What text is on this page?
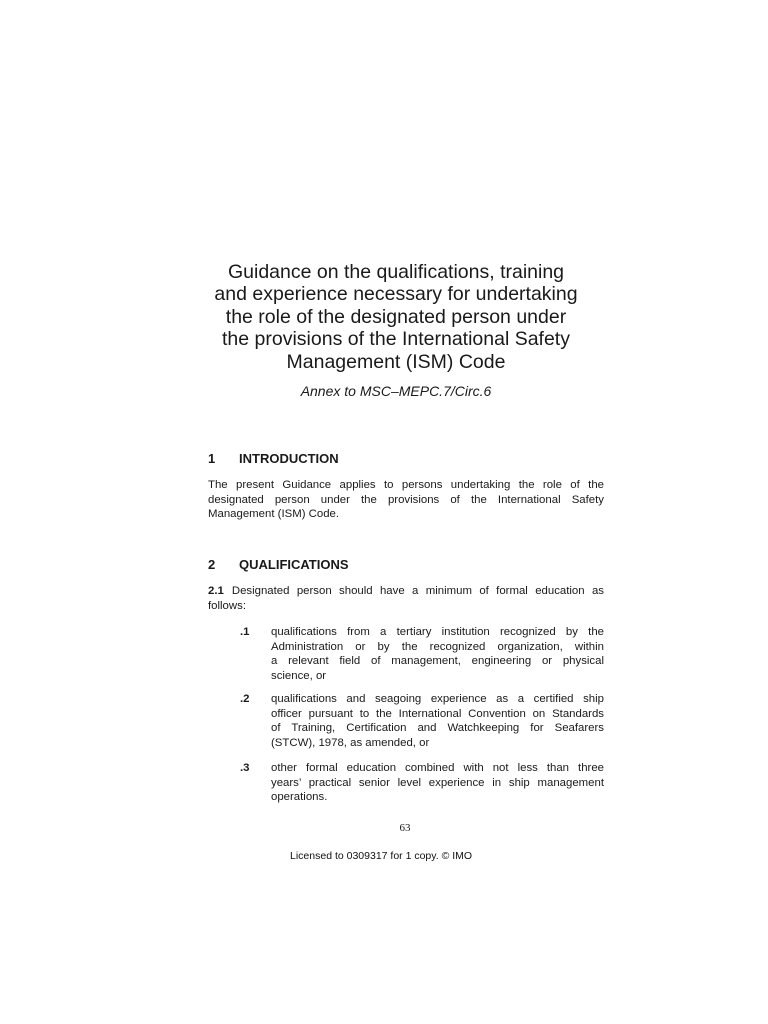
Guidance on the qualifications, training
and experience necessary for undertaking
the role of the designated person under
the provisions of the International Safety
Management (ISM) Code

Annex to MSC–MEPC.7/Circ.6

1 INTRODUCTION

The present Guidance applies to persons undertaking the role of the
designated person under the provisions of the International Safety
Management (ISM) Code.

2 QUALIFICATIONS

2.1 Designated person should have a minimum of formal education as
follows:

.1 qualifications from a tertiary institution recognized by the
Administration or by the recognized organization, within
a relevant field of management, engineering or physical
science, or
.2 qualifications and seagoing experience as a certified ship
officer pursuant to the International Convention on Standards
of Training, Certification and Watchkeeping for Seafarers
(STCW), 1978, as amended, or
.3 other formal education combined with not less than three
years’ practical senior level experience in ship management
operations.
63
Licensed to 0309317 for 1 copy. © IMO
